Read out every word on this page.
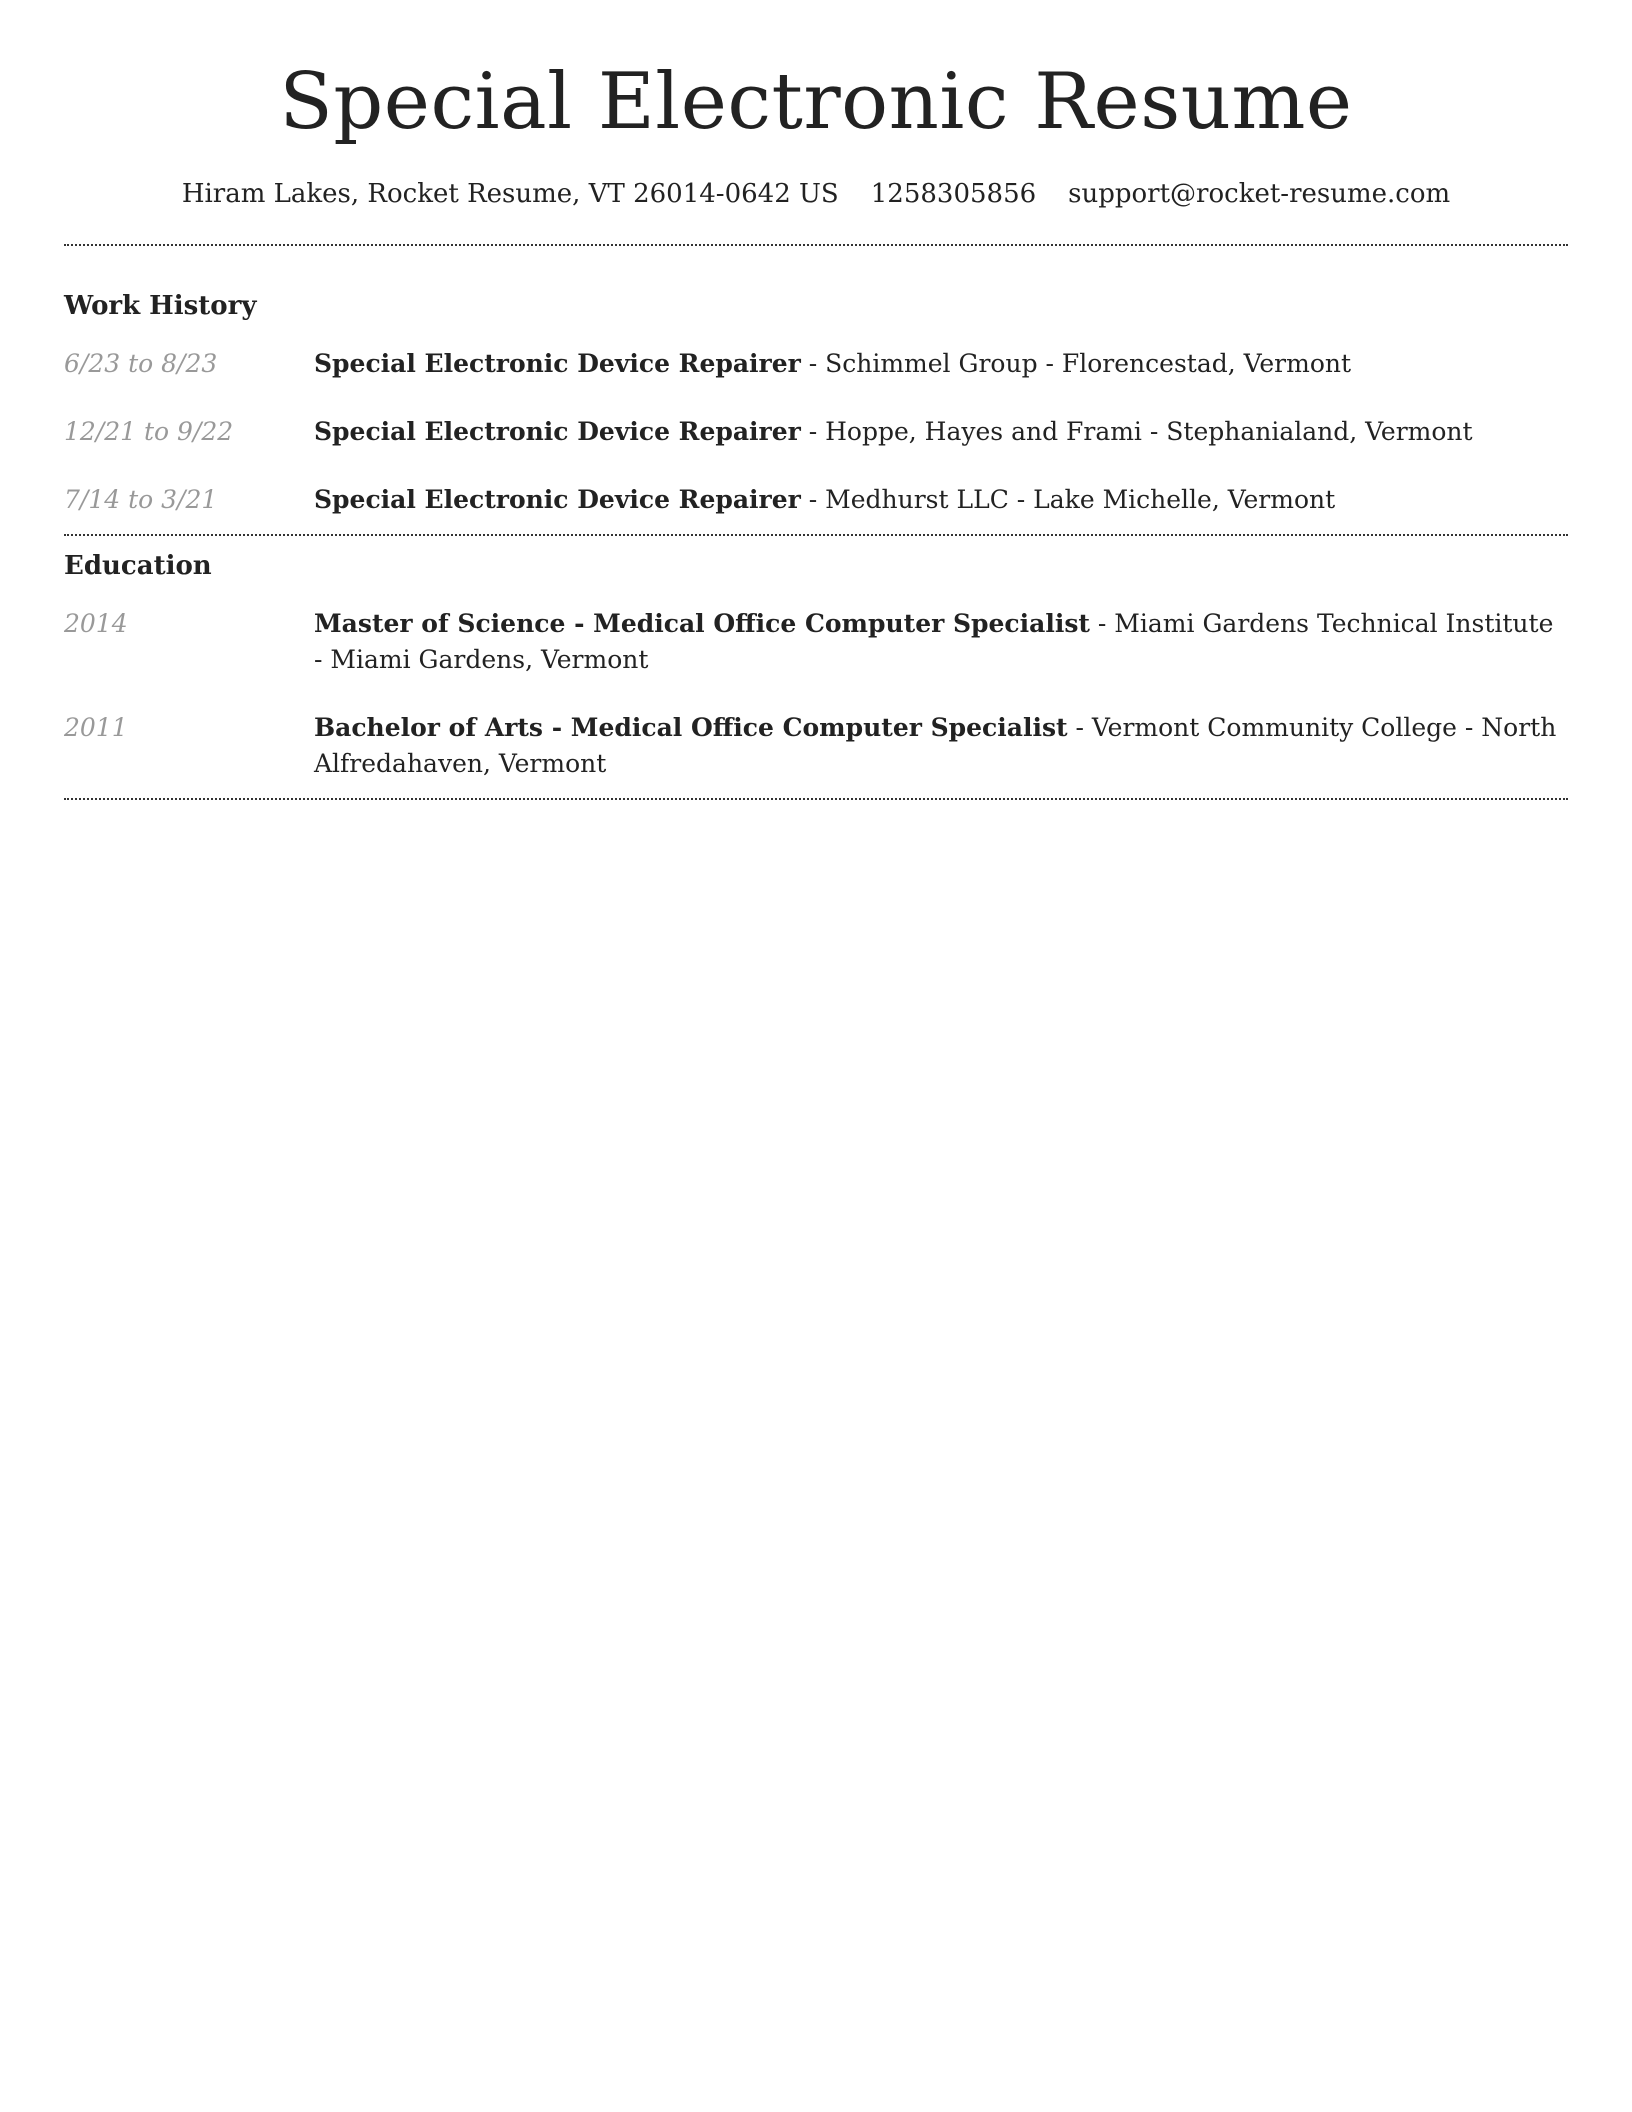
Special Electronic Resume
Hiram Lakes, Rocket Resume, VT 26014-0642 US 1258305856 support@rocket-resume.com
Work History
6/23 to 8/23	Special Electronic Device Repairer - Schimmel Group - Florencestad, Vermont
12/21 to 9/22	Special Electronic Device Repairer - Hoppe, Hayes and Frami - Stephanialand, Vermont
7/14 to 3/21	Special Electronic Device Repairer - Medhurst LLC - Lake Michelle, Vermont
Education
2014	Master of Science - Medical Office Computer Specialist - Miami Gardens Technical Institute - Miami Gardens, Vermont
2011	Bachelor of Arts - Medical Office Computer Specialist - Vermont Community College - North Alfredahaven, Vermont
